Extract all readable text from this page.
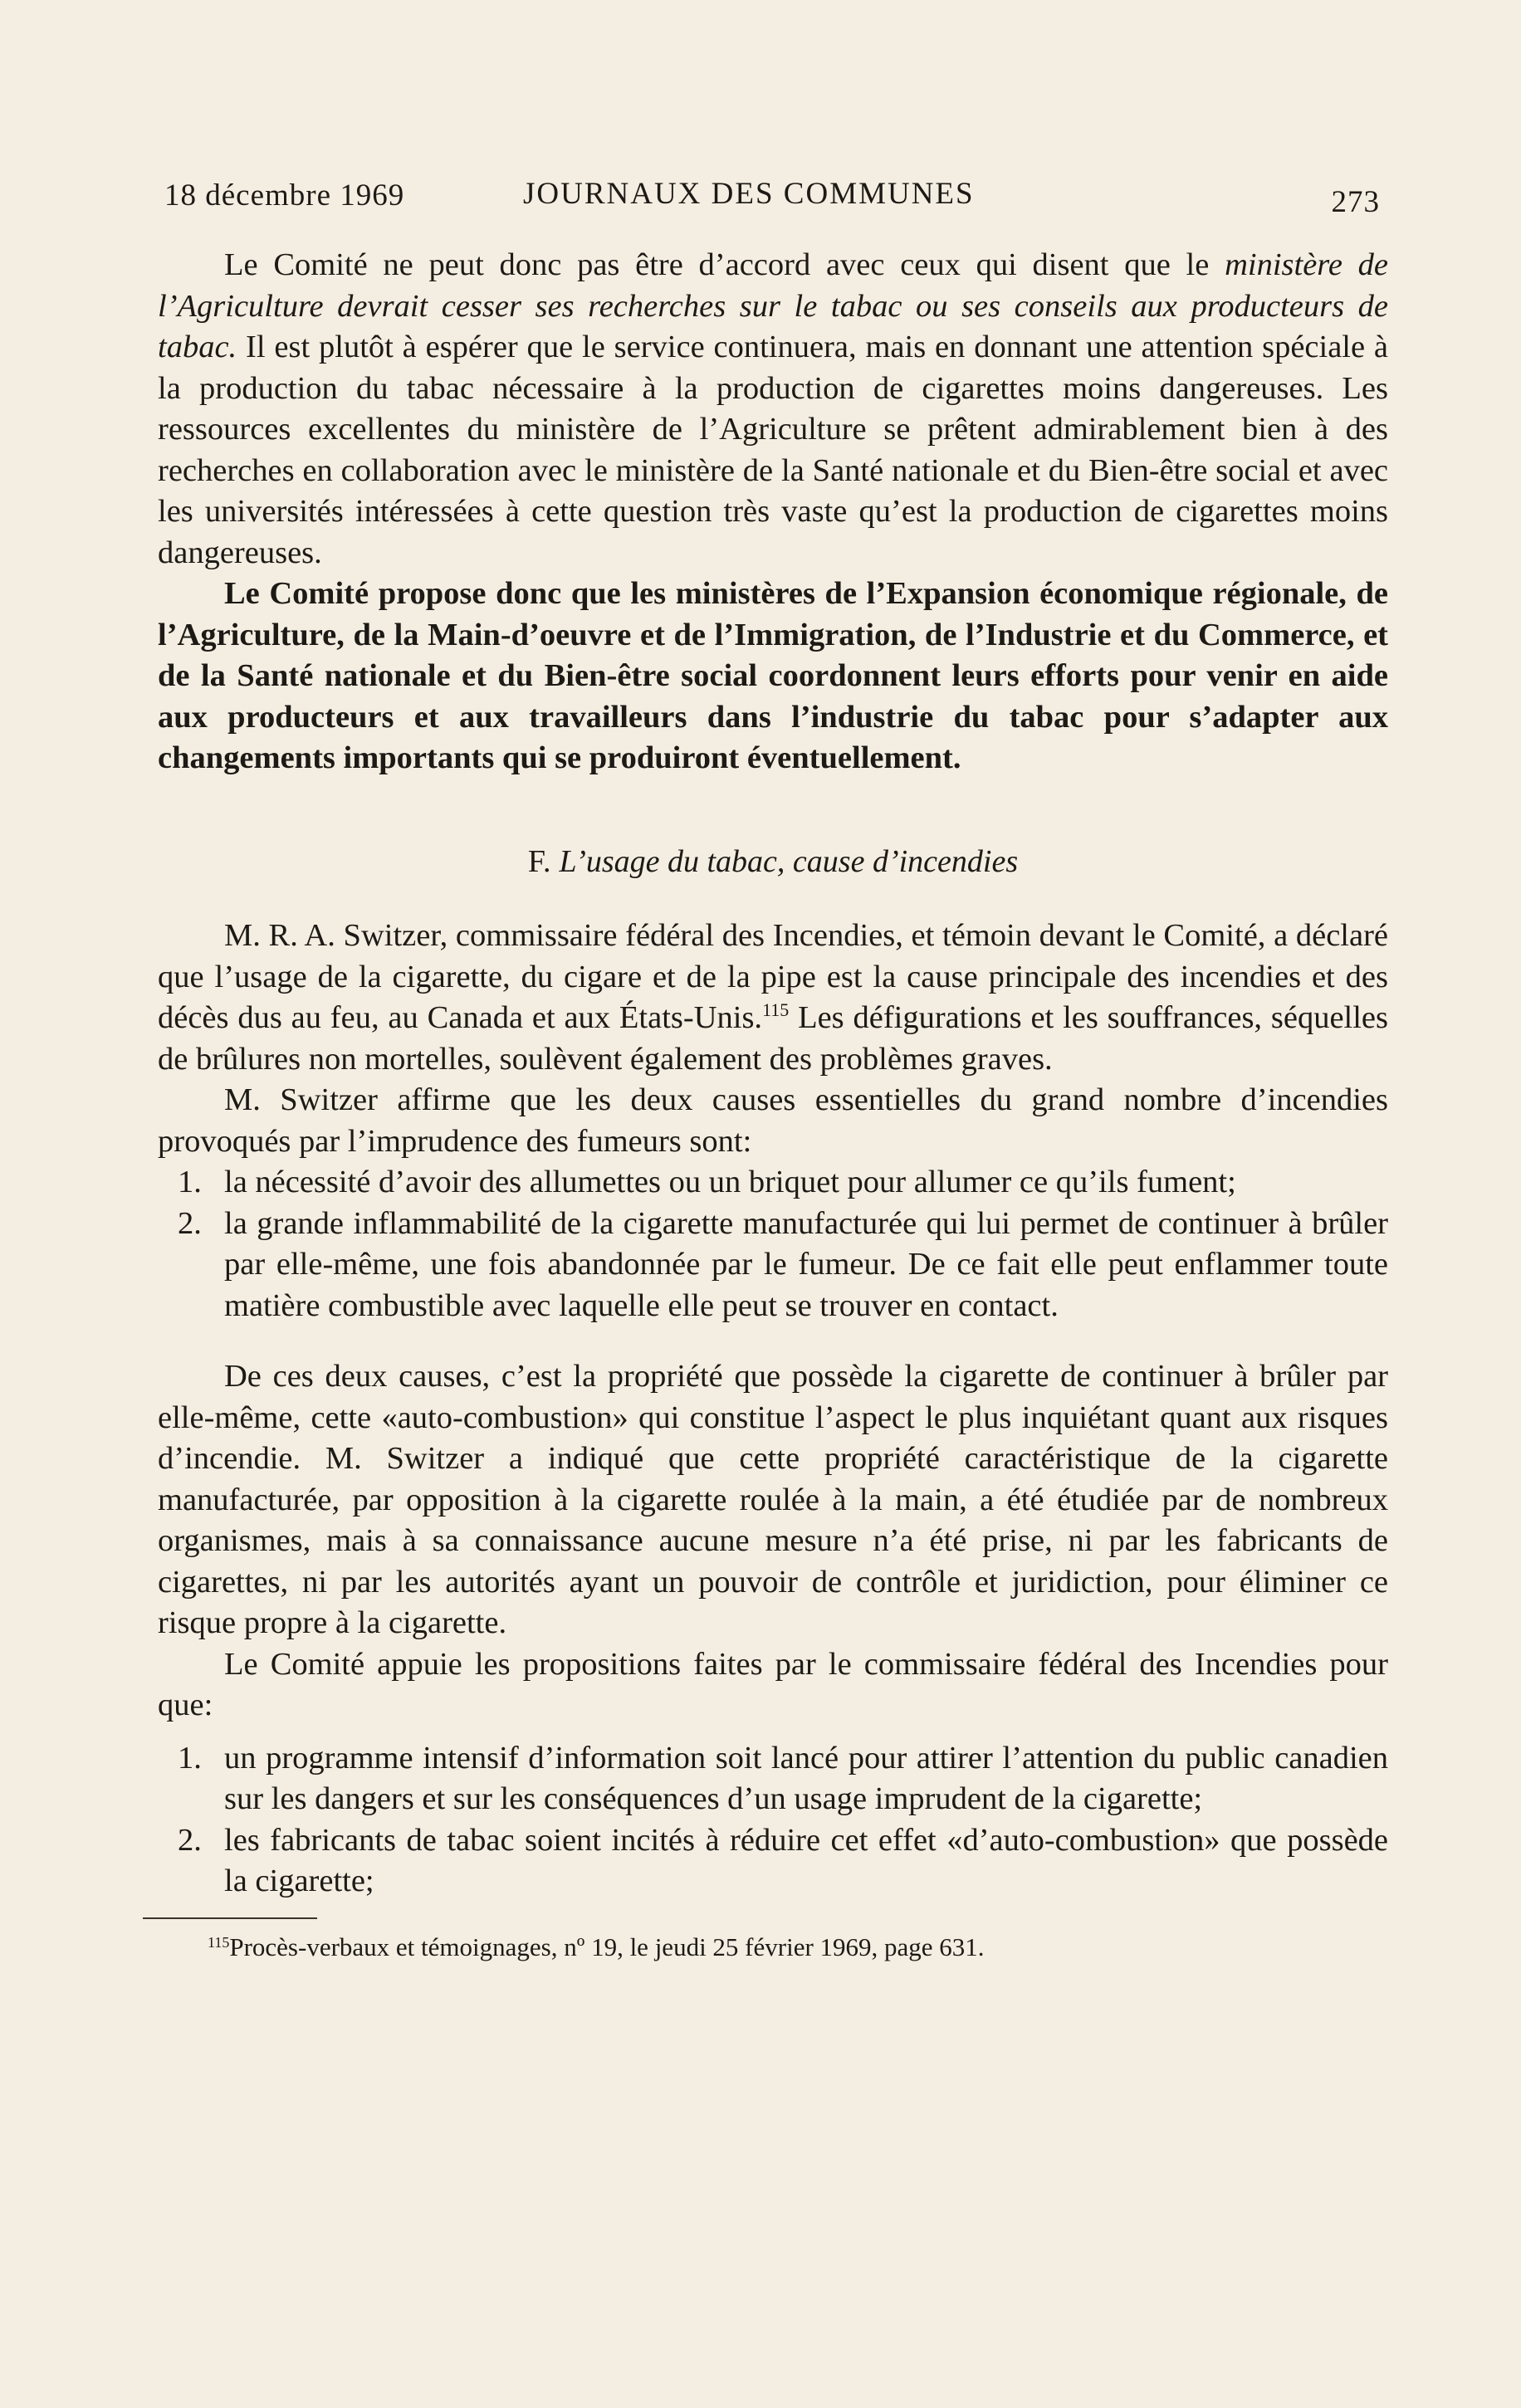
18 décembre 1969	JOURNAUX DES COMMUNES	273

Le Comité ne peut donc pas être d’accord avec ceux qui disent que le ministère de l’Agriculture devrait cesser ses recherches sur le tabac ou ses conseils aux producteurs de tabac. Il est plutôt à espérer que le service continuera, mais en donnant une attention spéciale à la production du tabac nécessaire à la production de cigarettes moins dangereuses. Les ressources excellentes du ministère de l’Agriculture se prêtent admirablement bien à des recherches en collaboration avec le ministère de la Santé nationale et du Bien-être social et avec les universités intéressées à cette question très vaste qu’est la production de cigarettes moins dangereuses.

Le Comité propose donc que les ministères de l’Expansion économique régionale, de l’Agriculture, de la Main-d’oeuvre et de l’Immigration, de l’Industrie et du Commerce, et de la Santé nationale et du Bien-être social coordonnent leurs efforts pour venir en aide aux producteurs et aux travailleurs dans l’industrie du tabac pour s’adapter aux changements importants qui se produiront éventuellement.

F. L’usage du tabac, cause d’incendies

M. R. A. Switzer, commissaire fédéral des Incendies, et témoin devant le Comité, a déclaré que l’usage de la cigarette, du cigare et de la pipe est la cause principale des incendies et des décès dus au feu, au Canada et aux États-Unis.$^{115}$ Les défigurations et les souffrances, séquelles de brûlures non mortelles, soulèvent également des problèmes graves.

M. Switzer affirme que les deux causes essentielles du grand nombre d’incendies provoqués par l’imprudence des fumeurs sont:

1. la nécessité d’avoir des allumettes ou un briquet pour allumer ce qu’ils fument;
2. la grande inflammabilité de la cigarette manufacturée qui lui permet de continuer à brûler par elle-même, une fois abandonnée par le fumeur. De ce fait elle peut enflammer toute matière combustible avec laquelle elle peut se trouver en contact.

De ces deux causes, c’est la propriété que possède la cigarette de continuer à brûler par elle-même, cette «auto-combustion» qui constitue l’aspect le plus inquiétant quant aux risques d’incendie. M. Switzer a indiqué que cette propriété caractéristique de la cigarette manufacturée, par opposition à la cigarette roulée à la main, a été étudiée par de nombreux organismes, mais à sa connaissance aucune mesure n’a été prise, ni par les fabricants de cigarettes, ni par les autorités ayant un pouvoir de contrôle et juridiction, pour éliminer ce risque propre à la cigarette.

Le Comité appuie les propositions faites par le commissaire fédéral des Incendies pour que:

1. un programme intensif d’information soit lancé pour attirer l’attention du public canadien sur les dangers et sur les conséquences d’un usage imprudent de la cigarette;
2. les fabricants de tabac soient incités à réduire cet effet «d’auto-combustion» que possède la cigarette;
$^{115}$Procès-verbaux et témoignages, nº 19, le jeudi 25 février 1969, page 631.
